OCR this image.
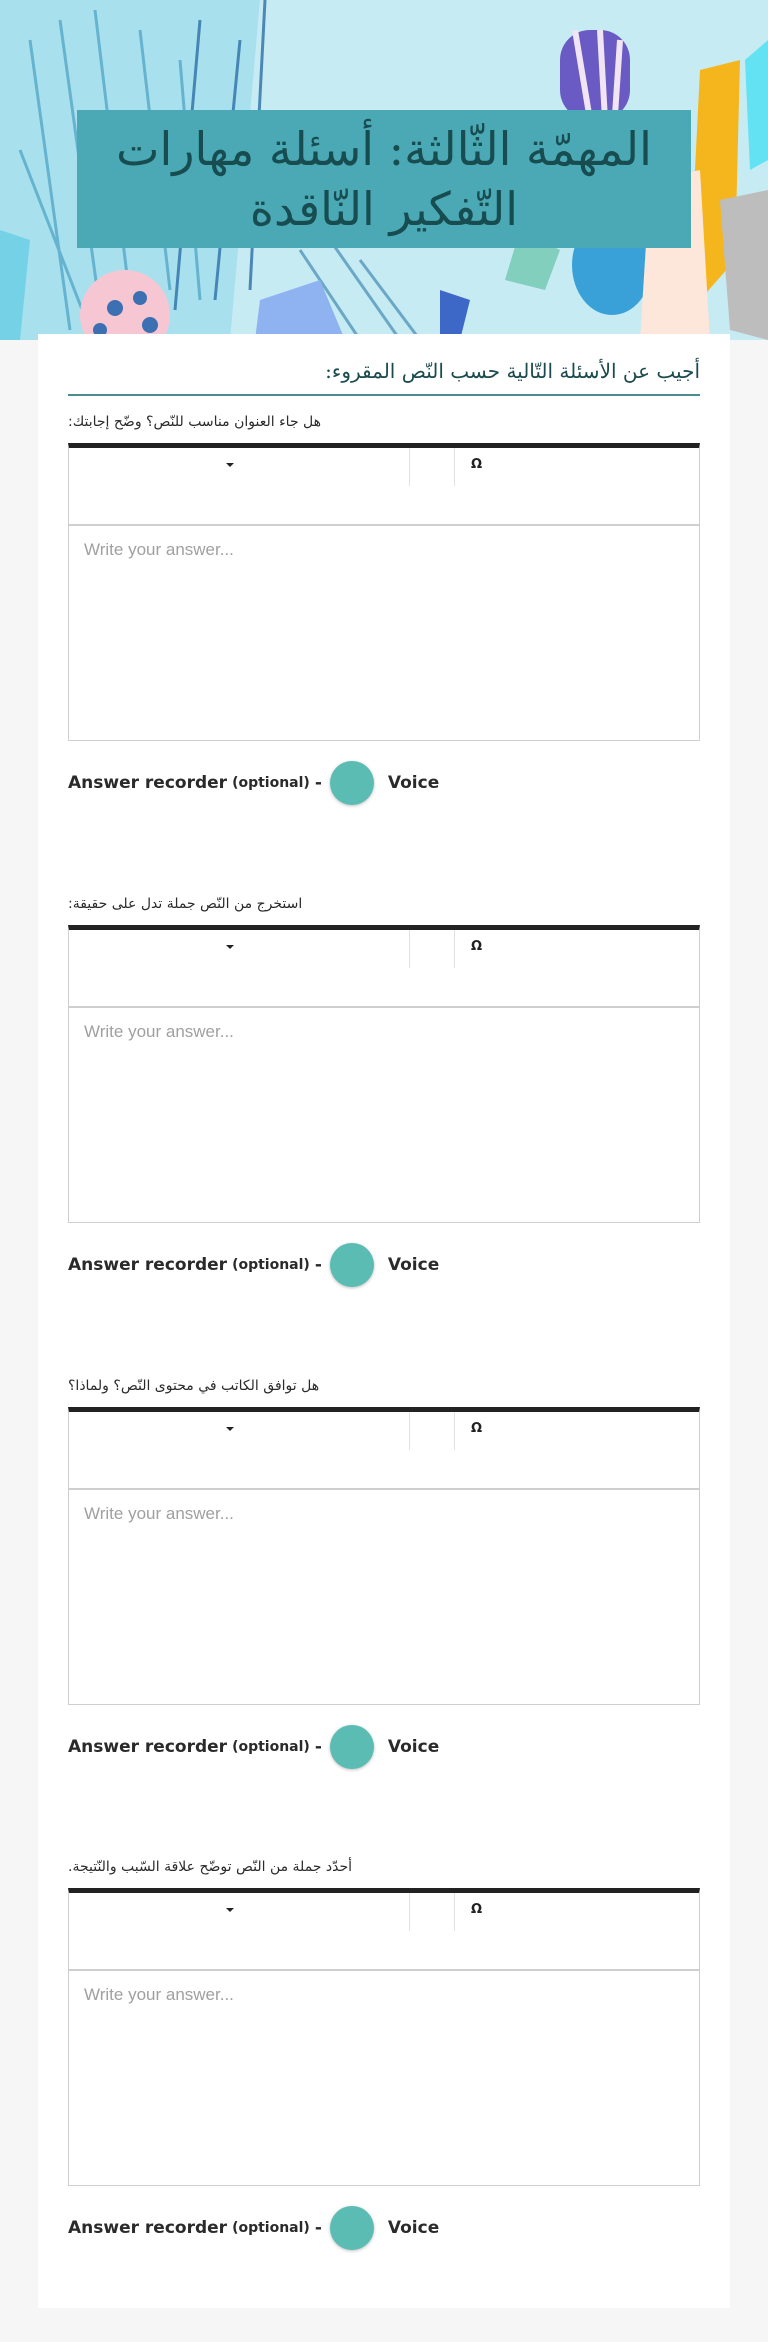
المهمّة الثّالثة: أسئلة مهارات التّفكير النّاقدة
أجيب عن الأسئلة التّالية حسب النّص المقروء:
هل جاء العنوان مناسب للنّص؟ وضّح إجابتك:
Ω
Write your answer...
Answer recorder (optional) -	Voice
استخرج من النّص جملة تدل على حقيقة:
Ω
Write your answer...
Answer recorder (optional) -	Voice
هل توافق الكاتب في محتوى النّص؟ ولماذا؟
Ω
Write your answer...
Answer recorder (optional) -	Voice
أحدّد جملة من النّص توضّح علاقة السّبب والنّتيجة.
Ω
Write your answer...
Answer recorder (optional) -	Voice
